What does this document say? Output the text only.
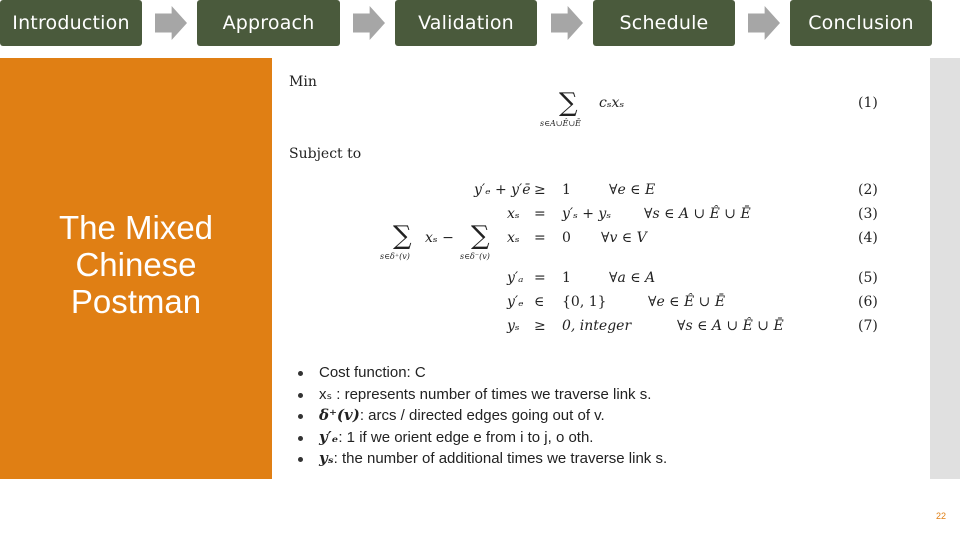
Introduction	Approach	Validation	Schedule	Conclusion
The Mixed Chinese Postman
Min
∑
s∈A∪Ê∪Ē
cₛxₛ	(1)
Subject to
y′ₑ + y′ē ≥ 1	∀e ∈ E	(2)
xₛ = y′ₛ + yₛ ∀s ∈ A ∪ Ê ∪ Ē	(3)
∑
s∈δ⁺(v)
xₛ − ∑
s∈δ⁻(v)
xₛ = 0 ∀v ∈ V	(4)
y′ₐ = 1	∀a ∈ A	(5)
y′ₑ ∈ {0, 1}	∀e ∈ Ê ∪ Ē	(6)
yₛ ≥ 0, integer	∀s ∈ A ∪ Ê ∪ Ē	(7)
Cost function: C
xₛ : represents number of times we traverse link s.
δ⁺(v): arcs / directed edges going out of v.
y′ₑ: 1 if we orient edge e from i to j, o oth.
yₛ: the number of additional times we traverse link s.
22
